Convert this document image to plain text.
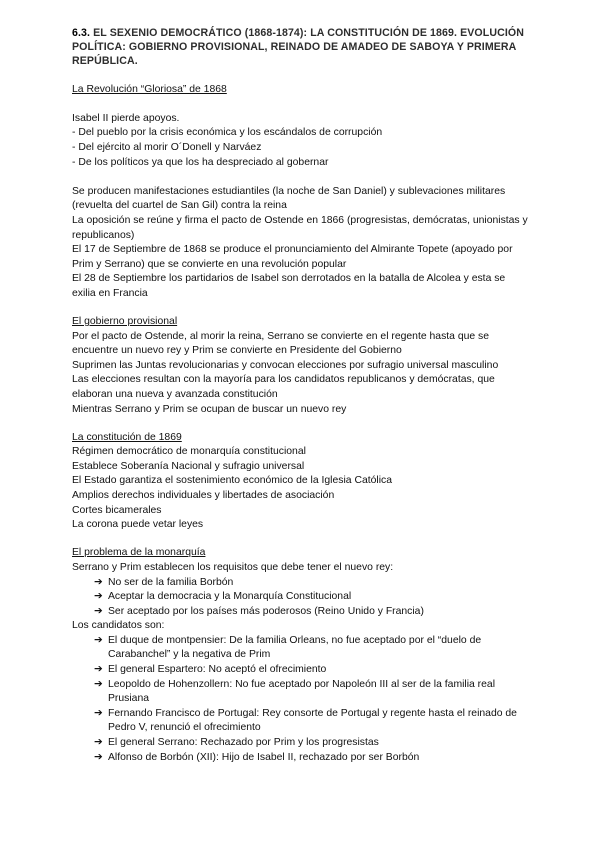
6.3. EL SEXENIO DEMOCRÁTICO (1868-1874): LA CONSTITUCIÓN DE 1869. EVOLUCIÓN POLÍTICA: GOBIERNO PROVISIONAL, REINADO DE AMADEO DE SABOYA Y PRIMERA REPÚBLICA.
La Revolución “Gloriosa” de 1868

Isabel II pierde apoyos.

- Del pueblo por la crisis económica y los escándalos de corrupción

- Del ejército al morir O´Donell y Narváez

- De los políticos ya que los ha despreciado al gobernar

Se producen manifestaciones estudiantiles (la noche de San Daniel) y sublevaciones militares (revuelta del cuartel de San Gil) contra la reina

La oposición se reúne y firma el pacto de Ostende en 1866 (progresistas, demócratas, unionistas y republicanos)

El 17 de Septiembre de 1868 se produce el pronunciamiento del Almirante Topete (apoyado por Prim y Serrano) que se convierte en una revolución popular

El 28 de Septiembre los partidarios de Isabel son derrotados en la batalla de Alcolea y esta se exilia en Francia

El gobierno provisional

Por el pacto de Ostende, al morir la reina, Serrano se convierte en el regente hasta que se encuentre un nuevo rey y Prim se convierte en Presidente del Gobierno

Suprimen las Juntas revolucionarias y convocan elecciones por sufragio universal masculino

Las elecciones resultan con la mayoría para los candidatos republicanos y demócratas, que elaboran una nueva y avanzada constitución

Mientras Serrano y Prim se ocupan de buscar un nuevo rey

La constitución de 1869

Régimen democrático de monarquía constitucional

Establece Soberanía Nacional y sufragio universal

El Estado garantiza el sostenimiento económico de la Iglesia Católica

Amplios derechos individuales y libertades de asociación

Cortes bicamerales

La corona puede vetar leyes

El problema de la monarquía

Serrano y Prim establecen los requisitos que debe tener el nuevo rey:

➔ No ser de la familia Borbón
➔ Aceptar la democracia y la Monarquía Constitucional
➔ Ser aceptado por los países más poderosos (Reino Unido y Francia)

Los candidatos son:

➔ El duque de montpensier: De la familia Orleans, no fue aceptado por el “duelo de Carabanchel” y la negativa de Prim
➔ El general Espartero: No aceptó el ofrecimiento
➔ Leopoldo de Hohenzollern: No fue aceptado por Napoleón III al ser de la familia real Prusiana
➔ Fernando Francisco de Portugal: Rey consorte de Portugal y regente hasta el reinado de Pedro V, renunció el ofrecimiento
➔ El general Serrano: Rechazado por Prim y los progresistas
➔ Alfonso de Borbón (XII): Hijo de Isabel II, rechazado por ser Borbón
